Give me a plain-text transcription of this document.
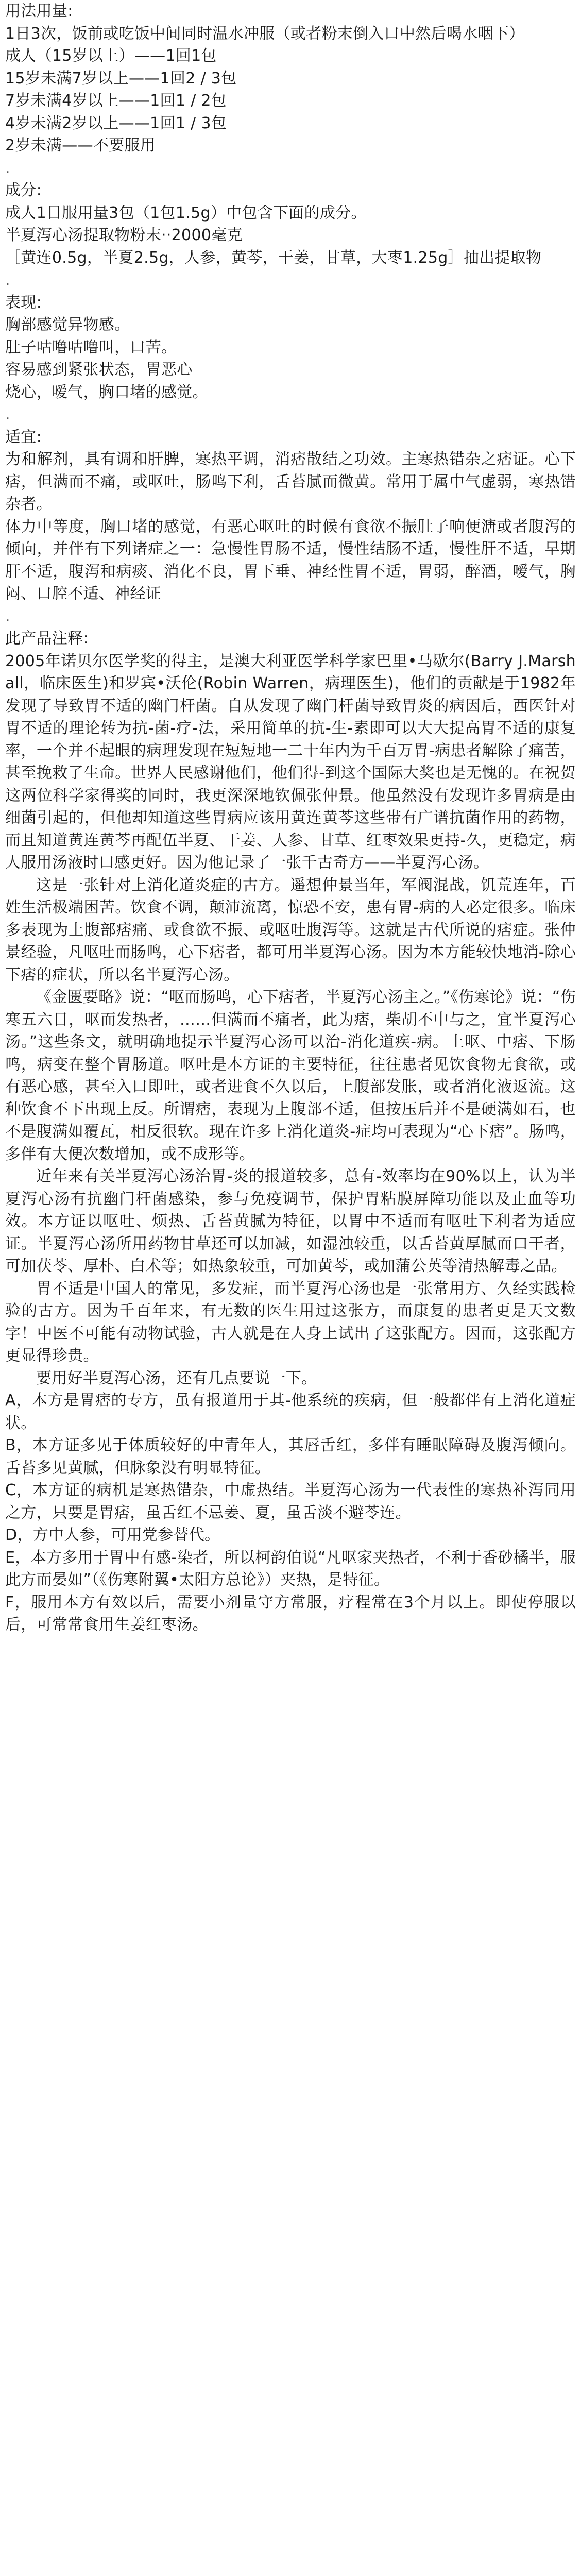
用法用量:

1日3次，饭前或吃饭中间同时温水冲服（或者粉末倒入口中然后喝水咽下）

成人（15岁以上）——1回1包

15岁未满7岁以上——1回2 / 3包

7岁未满4岁以上——1回1 / 2包

4岁未满2岁以上——1回1 / 3包

2岁未满——不要服用

.

成分:

成人1日服用量3包（1包1.5g）中包含下面的成分。

半夏泻心汤提取物粉末··2000毫克

［黄连0.5g，半夏2.5g，人参，黄芩，干姜，甘草，大枣1.25g］抽出提取物

.

表现:

胸部感觉异物感。

肚子咕噜咕噜叫，口苦。

容易感到紧张状态，胃恶心

烧心，嗳气，胸口堵的感觉。

.

适宜:

为和解剂，具有调和肝脾，寒热平调，消痞散结之功效。主寒热错杂之痞证。心下痞，但满而不痛，或呕吐，肠鸣下利，舌苔腻而微黄。常用于属中气虚弱，寒热错杂者。

体力中等度，胸口堵的感觉，有恶心呕吐的时候有食欲不振肚子响便溏或者腹泻的倾向，并伴有下列诸症之一：急慢性胃肠不适，慢性结肠不适，慢性肝不适，早期肝不适，腹泻和病痰、消化不良，胃下垂、神经性胃不适，胃弱，醉酒，嗳气，胸闷、口腔不适、神经证

.

此产品注释:

2005年诺贝尔医学奖的得主，是澳大利亚医学科学家巴里•马歇尔(Barry J.Marshall，临床医生)和罗宾•沃伦(Robin Warren，病理医生)，他们的贡献是于1982年发现了导致胃不适的幽门杆菌。自从发现了幽门杆菌导致胃炎的病因后，西医针对胃不适的理论转为抗-菌-疗-法，采用简单的抗-生-素即可以大大提高胃不适的康复率，一个并不起眼的病理发现在短短地一二十年内为千百万胃-病患者解除了痛苦，甚至挽救了生命。世界人民感谢他们，他们得-到这个国际大奖也是无愧的。在祝贺这两位科学家得奖的同时，我更深深地钦佩张仲景。他虽然没有发现许多胃病是由细菌引起的，但他却知道这些胃病应该用黄连黄芩这些带有广谱抗菌作用的药物，而且知道黄连黄芩再配伍半夏、干姜、人参、甘草、红枣效果更持-久，更稳定，病人服用汤液时口感更好。因为他记录了一张千古奇方——半夏泻心汤。

这是一张针对上消化道炎症的古方。遥想仲景当年，军阀混战，饥荒连年，百姓生活极端困苦。饮食不调，颠沛流离，惊恐不安，患有胃-病的人必定很多。临床多表现为上腹部痞痛、或食欲不振、或呕吐腹泻等。这就是古代所说的痞症。张仲景经验，凡呕吐而肠鸣，心下痞者，都可用半夏泻心汤。因为本方能较快地消-除心下痞的症状，所以名半夏泻心汤。

《金匮要略》说：“呕而肠鸣，心下痞者，半夏泻心汤主之。”《伤寒论》说：“伤寒五六日，呕而发热者，……但满而不痛者，此为痞，柴胡不中与之，宜半夏泻心汤。”这些条文，就明确地提示半夏泻心汤可以治-消化道疾-病。上呕、中痞、下肠鸣，病变在整个胃肠道。呕吐是本方证的主要特征，往往患者见饮食物无食欲，或有恶心感，甚至入口即吐，或者进食不久以后，上腹部发胀，或者消化液返流。这种饮食不下出现上反。所谓痞，表现为上腹部不适，但按压后并不是硬满如石，也不是腹满如覆瓦，相反很软。现在许多上消化道炎-症均可表现为“心下痞”。肠鸣，多伴有大便次数增加，或不成形等。

近年来有关半夏泻心汤治胃-炎的报道较多，总有-效率均在90%以上，认为半夏泻心汤有抗幽门杆菌感染，参与免疫调节，保护胃粘膜屏障功能以及止血等功效。本方证以呕吐、烦热、舌苔黄腻为特征，以胃中不适而有呕吐下利者为适应证。半夏泻心汤所用药物甘草还可以加减，如湿浊较重，以舌苔黄厚腻而口干者，可加茯苓、厚朴、白术等；如热象较重，可加黄芩，或加蒲公英等清热解毒之品。

胃不适是中国人的常见，多发症，而半夏泻心汤也是一张常用方、久经实践检验的古方。因为千百年来，有无数的医生用过这张方，而康复的患者更是天文数字！中医不可能有动物试验，古人就是在人身上试出了这张配方。因而，这张配方更显得珍贵。

要用好半夏泻心汤，还有几点要说一下。

A，本方是胃痞的专方，虽有报道用于其-他系统的疾病，但一般都伴有上消化道症状。

B，本方证多见于体质较好的中青年人，其唇舌红，多伴有睡眠障碍及腹泻倾向。舌苔多见黄腻，但脉象没有明显特征。

C，本方证的病机是寒热错杂，中虚热结。半夏泻心汤为一代表性的寒热补泻同用之方，只要是胃痞，虽舌红不忌姜、夏，虽舌淡不避苓连。

D，方中人参，可用党参替代。

E，本方多用于胃中有感-染者，所以柯韵伯说“凡呕家夹热者，不利于香砂橘半，服此方而晏如”（《伤寒附翼•太阳方总论》）夹热，是特征。

F，服用本方有效以后，需要小剂量守方常服，疗程常在3个月以上。即使停服以后，可常常食用生姜红枣汤。
